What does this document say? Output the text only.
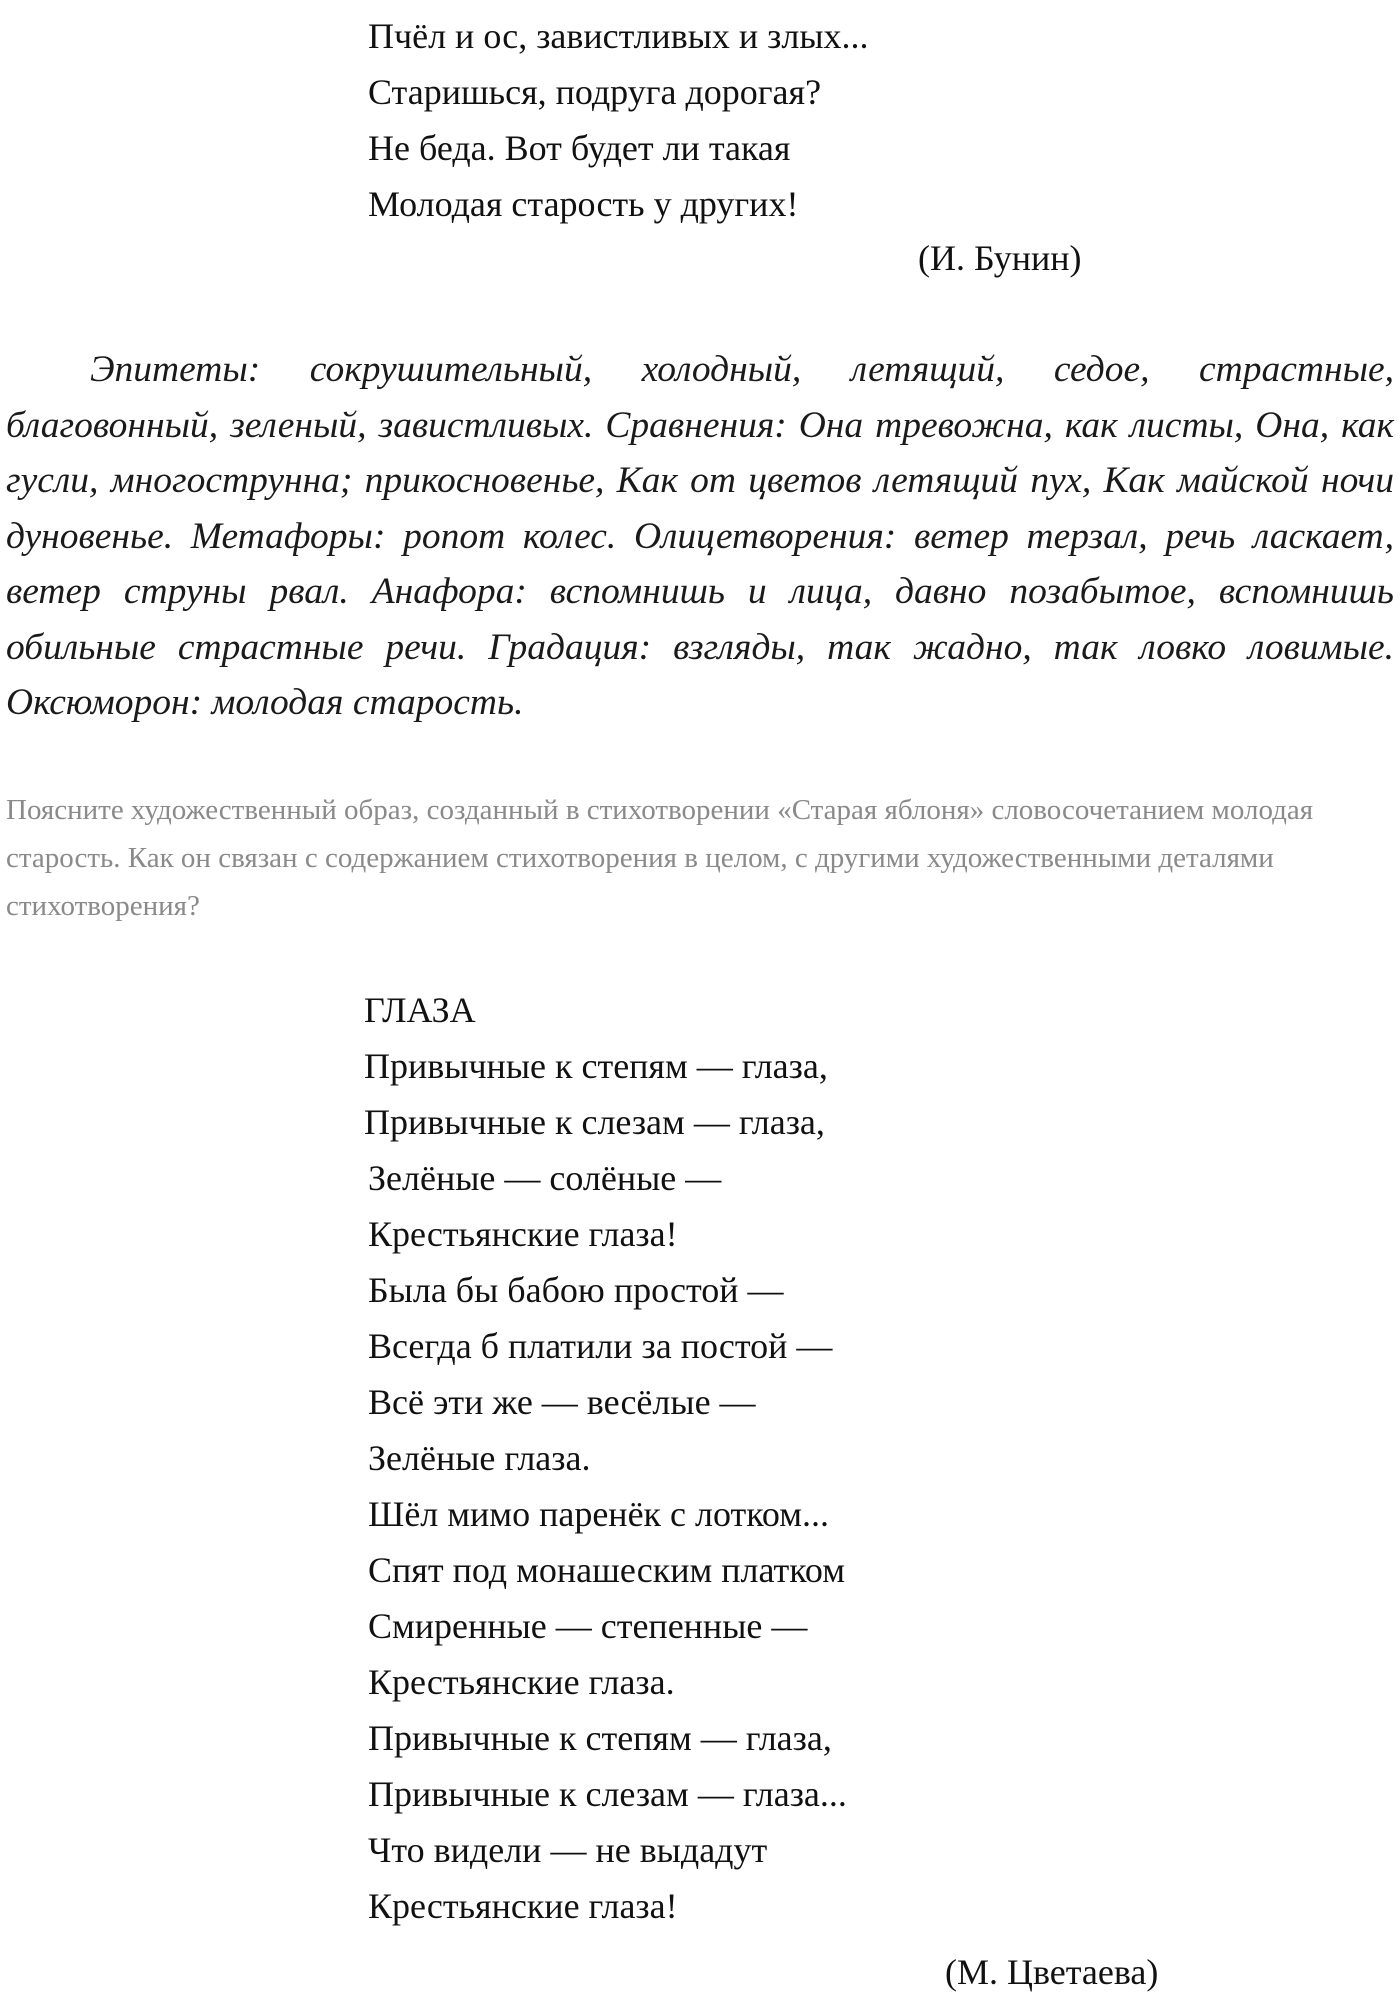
Пчёл и ос, завистливых и злых...
Старишься, подруга дорогая?
Не беда. Вот будет ли такая
Молодая старость у других!
(И. Бунин)

Эпитеты: сокрушительный, холодный, летящий, седое, страстные, благовонный, зеленый, завистливых. Сравнения: Она тревожна, как листы, Она, как гусли, многострунна; прикосновенье, Как от цветов летящий пух, Как майской ночи дуновенье. Метафоры: ропот колес. Олицетворения: ветер терзал, речь ласкает, ветер струны рвал. Анафора: вспомнишь и лица, давно позабытое, вспомнишь обильные страстные речи. Градация: взгляды, так жадно, так ловко ловимые. Оксюморон: молодая старость.

Поясните художественный образ, созданный в стихотворении «Старая яблоня» словосочетанием молодая старость. Как он связан с содержанием стихотворения в целом, с другими художественными деталями стихотворения?

ГЛАЗА
Привычные к степям — глаза,
Привычные к слезам — глаза,
Зелёные — солёные —
Крестьянские глаза!
Была бы бабою простой —
Всегда б платили за постой —
Всё эти же — весёлые —
Зелёные глаза.
Шёл мимо паренёк с лотком...
Спят под монашеским платком
Смиренные — степенные —
Крестьянские глаза.
Привычные к степям — глаза,
Привычные к слезам — глаза...
Что видели — не выдадут
Крестьянские глаза!
(М. Цветаева)
